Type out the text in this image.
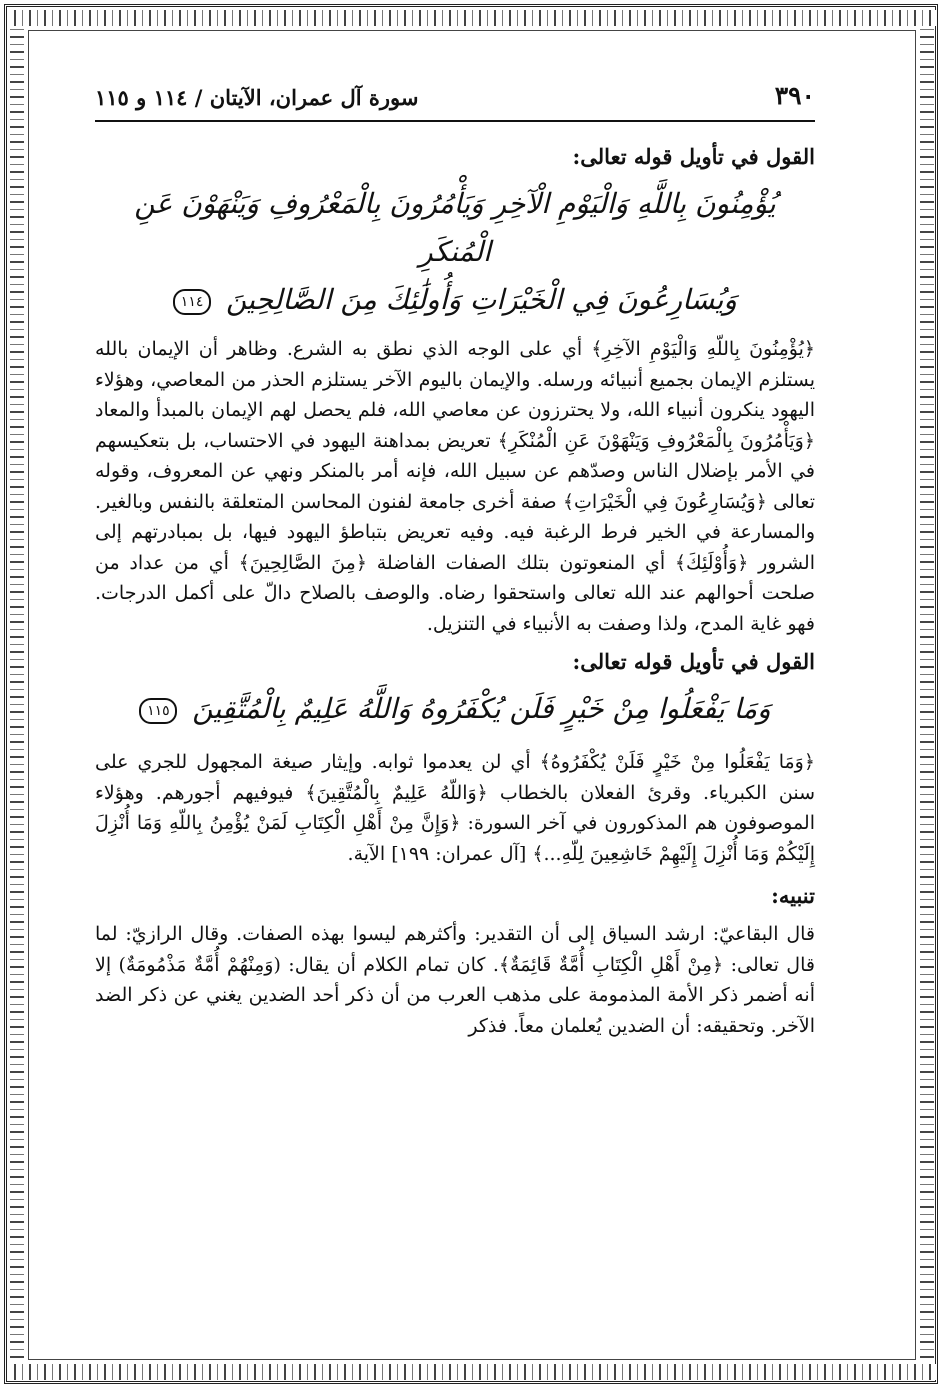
٣٩٠
سورة آل عمران، الآيتان / ١١٤ و ١١٥
القول في تأويل قوله تعالى:
يُؤْمِنُونَ بِاللَّهِ وَالْيَوْمِ الْآخِرِ وَيَأْمُرُونَ بِالْمَعْرُوفِ وَيَنْهَوْنَ عَنِ الْمُنكَرِ
وَيُسَارِعُونَ فِي الْخَيْرَاتِ وَأُولَٰئِكَ مِنَ الصَّالِحِينَ ١١٤

﴿يُؤْمِنُونَ بِاللّهِ وَالْيَوْمِ الآخِرِ﴾ أي على الوجه الذي نطق به الشرع. وظاهر أن الإيمان بالله يستلزم الإيمان بجميع أنبيائه ورسله. والإيمان باليوم الآخر يستلزم الحذر من المعاصي، وهؤلاء اليهود ينكرون أنبياء الله، ولا يحترزون عن معاصي الله، فلم يحصل لهم الإيمان بالمبدأ والمعاد ﴿وَيَأْمُرُونَ بِالْمَعْرُوفِ وَيَنْهَوْنَ عَنِ الْمُنْكَرِ﴾ تعريض بمداهنة اليهود في الاحتساب، بل بتعكيسهم في الأمر بإضلال الناس وصدّهم عن سبيل الله، فإنه أمر بالمنكر ونهي عن المعروف، وقوله تعالى ﴿وَيُسَارِعُونَ فِي الْخَيْرَاتِ﴾ صفة أخرى جامعة لفنون المحاسن المتعلقة بالنفس وبالغير. والمسارعة في الخير فرط الرغبة فيه. وفيه تعريض بتباطؤ اليهود فيها، بل بمبادرتهم إلى الشرور ﴿وَأُوْلَئِكَ﴾ أي المنعوتون بتلك الصفات الفاضلة ﴿مِنَ الصَّالِحِينَ﴾ أي من عداد من صلحت أحوالهم عند الله تعالى واستحقوا رضاه. والوصف بالصلاح دالّ على أكمل الدرجات. فهو غاية المدح، ولذا وصفت به الأنبياء في التنزيل.

القول في تأويل قوله تعالى:
وَمَا يَفْعَلُوا مِنْ خَيْرٍ فَلَن يُكْفَرُوهُ وَاللَّهُ عَلِيمٌ بِالْمُتَّقِينَ ١١٥

﴿وَمَا يَفْعَلُوا مِنْ خَيْرٍ فَلَنْ يُكْفَرُوهُ﴾ أي لن يعدموا ثوابه. وإيثار صيغة المجهول للجري على سنن الكبرياء. وقرئ الفعلان بالخطاب ﴿وَاللّهُ عَلِيمٌ بِالْمُتَّقِينَ﴾ فيوفيهم أجورهم. وهؤلاء الموصوفون هم المذكورون في آخر السورة: ﴿وَإِنَّ مِنْ أَهْلِ الْكِتَابِ لَمَنْ يُؤْمِنُ بِاللّهِ وَمَا أُنْزِلَ إِلَيْكُمْ وَمَا أُنْزِلَ إِلَيْهِمْ خَاشِعِينَ لِلّهِ...﴾ [آل عمران: ١٩٩] الآية.

تنبيه:

قال البقاعيّ: ارشد السياق إلى أن التقدير: وأكثرهم ليسوا بهذه الصفات. وقال الرازيّ: لما قال تعالى: ﴿مِنْ أَهْلِ الْكِتَابِ أُمَّةٌ قَائِمَةٌ﴾. كان تمام الكلام أن يقال: (وَمِنْهُمْ أُمَّةٌ مَذْمُومَةٌ) إلا أنه أضمر ذكر الأمة المذمومة على مذهب العرب من أن ذكر أحد الضدين يغني عن ذكر الضد الآخر. وتحقيقه: أن الضدين يُعلمان معاً. فذكر
